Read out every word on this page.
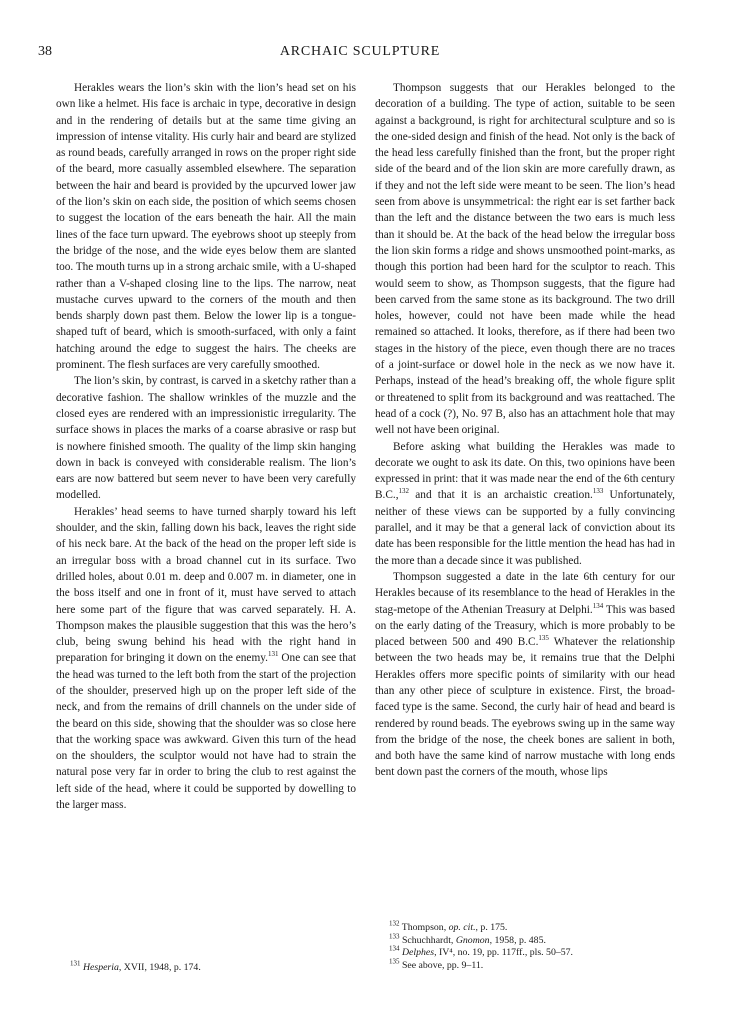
38	ARCHAIC SCULPTURE

Herakles wears the lion’s skin with the lion’s head set on his own like a helmet. His face is archaic in type, decorative in design and in the rendering of details but at the same time giving an impression of intense vitality. His curly hair and beard are stylized as round beads, carefully arranged in rows on the proper right side of the beard, more casually assembled elsewhere. The separation between the hair and beard is provided by the upcurved lower jaw of the lion’s skin on each side, the position of which seems chosen to suggest the location of the ears beneath the hair. All the main lines of the face turn upward. The eyebrows shoot up steeply from the bridge of the nose, and the wide eyes below them are slanted too. The mouth turns up in a strong archaic smile, with a U-shaped rather than a V-shaped closing line to the lips. The narrow, neat mustache curves upward to the corners of the mouth and then bends sharply down past them. Below the lower lip is a tongue-shaped tuft of beard, which is smooth-surfaced, with only a faint hatching around the edge to suggest the hairs. The cheeks are prominent. The flesh surfaces are very carefully smoothed.

The lion’s skin, by contrast, is carved in a sketchy rather than a decorative fashion. The shallow wrinkles of the muzzle and the closed eyes are rendered with an impressionistic irregularity. The surface shows in places the marks of a coarse abrasive or rasp but is nowhere finished smooth. The quality of the limp skin hanging down in back is conveyed with considerable realism. The lion’s ears are now battered but seem never to have been very carefully modelled.

Herakles’ head seems to have turned sharply toward his left shoulder, and the skin, falling down his back, leaves the right side of his neck bare. At the back of the head on the proper left side is an irregular boss with a broad channel cut in its surface. Two drilled holes, about 0.01 m. deep and 0.007 m. in diameter, one in the boss itself and one in front of it, must have served to attach here some part of the figure that was carved separately. H. A. Thompson makes the plausible suggestion that this was the hero’s club, being swung behind his head with the right hand in preparation for bringing it down on the enemy.$^{131}$ One can see that the head was turned to the left both from the start of the projection of the shoulder, preserved high up on the proper left side of the neck, and from the remains of drill channels on the under side of the beard on this side, showing that the shoulder was so close here that the working space was awkward. Given this turn of the head on the shoulders, the sculptor would not have had to strain the natural pose very far in order to bring the club to rest against the left side of the head, where it could be supported by dowelling to the larger mass.

Thompson suggests that our Herakles belonged to the decoration of a building. The type of action, suitable to be seen against a background, is right for architectural sculpture and so is the one-sided design and finish of the head. Not only is the back of the head less carefully finished than the front, but the proper right side of the beard and of the lion skin are more carefully drawn, as if they and not the left side were meant to be seen. The lion’s head seen from above is unsymmetrical: the right ear is set farther back than the left and the distance between the two ears is much less than it should be. At the back of the head below the irregular boss the lion skin forms a ridge and shows unsmoothed point-marks, as though this portion had been hard for the sculptor to reach. This would seem to show, as Thompson suggests, that the figure had been carved from the same stone as its background. The two drill holes, however, could not have been made while the head remained so attached. It looks, therefore, as if there had been two stages in the history of the piece, even though there are no traces of a joint-surface or dowel hole in the neck as we now have it. Perhaps, instead of the head’s breaking off, the whole figure split or threatened to split from its background and was reattached. The head of a cock (?), No. 97 B, also has an attachment hole that may well not have been original.

Before asking what building the Herakles was made to decorate we ought to ask its date. On this, two opinions have been expressed in print: that it was made near the end of the 6th century B.C.,$^{132}$ and that it is an archaistic creation.$^{133}$ Unfortunately, neither of these views can be supported by a fully convincing parallel, and it may be that a general lack of conviction about its date has been responsible for the little mention the head has had in the more than a decade since it was published.

Thompson suggested a date in the late 6th century for our Herakles because of its resemblance to the head of Herakles in the stag-metope of the Athenian Treasury at Delphi.$^{134}$ This was based on the early dating of the Treasury, which is more probably to be placed between 500 and 490 B.C.$^{135}$ Whatever the relationship between the two heads may be, it remains true that the Delphi Herakles offers more specific points of similarity with our head than any other piece of sculpture in existence. First, the broad-faced type is the same. Second, the curly hair of head and beard is rendered by round beads. The eyebrows swing up in the same way from the bridge of the nose, the cheek bones are salient in both, and both have the same kind of narrow mustache with long ends bent down past the corners of the mouth, whose lips

$^{131}$ Hesperia, XVII, 1948, p. 174.

$^{132}$ Thompson, op. cit., p. 175.

$^{133}$ Schuchhardt, Gnomon, 1958, p. 485.

$^{134}$ Delphes, IV⁴, no. 19, pp. 117ff., pls. 50–57.

$^{135}$ See above, pp. 9–11.
